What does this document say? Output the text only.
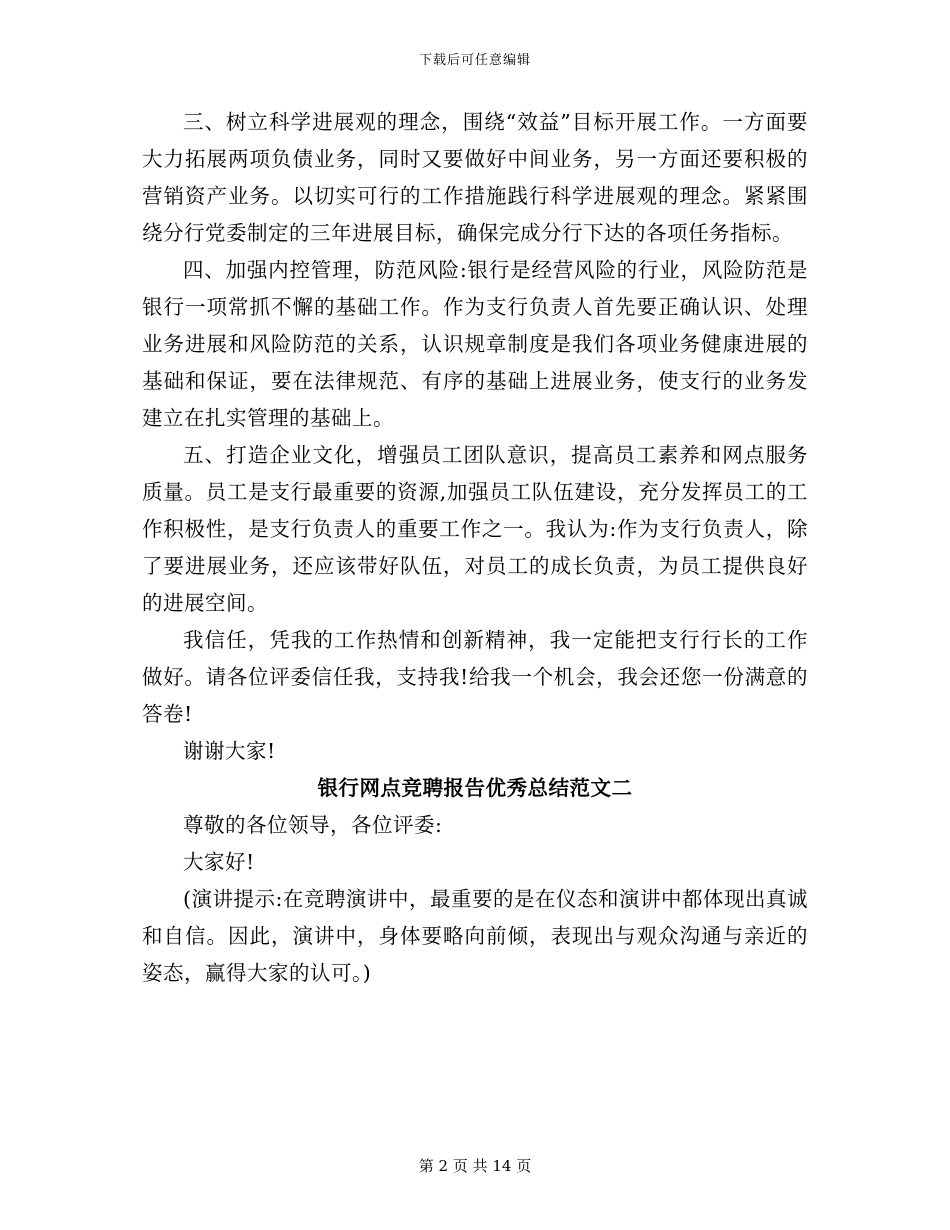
下载后可任意编辑

三、树立科学进展观的理念，围绕“效益”目标开展工作。一方面要大力拓展两项负债业务，同时又要做好中间业务，另一方面还要积极的营销资产业务。以切实可行的工作措施践行科学进展观的理念。紧紧围绕分行党委制定的三年进展目标，确保完成分行下达的各项任务指标。

四、加强内控管理，防范风险:银行是经营风险的行业，风险防范是银行一项常抓不懈的基础工作。作为支行负责人首先要正确认识、处理业务进展和风险防范的关系，认识规章制度是我们各项业务健康进展的基础和保证，要在法律规范、有序的基础上进展业务，使支行的业务发建立在扎实管理的基础上。

五、打造企业文化，增强员工团队意识，提高员工素养和网点服务质量。员工是支行最重要的资源,加强员工队伍建设，充分发挥员工的工作积极性，是支行负责人的重要工作之一。我认为:作为支行负责人，除了要进展业务，还应该带好队伍，对员工的成长负责，为员工提供良好的进展空间。

我信任，凭我的工作热情和创新精神，我一定能把支行行长的工作做好。请各位评委信任我，支持我!给我一个机会，我会还您一份满意的答卷!

谢谢大家!

银行网点竞聘报告优秀总结范文二

尊敬的各位领导，各位评委:

大家好!

(演讲提示:在竞聘演讲中，最重要的是在仪态和演讲中都体现出真诚和自信。因此，演讲中，身体要略向前倾，表现出与观众沟通与亲近的姿态，赢得大家的认可。)

第 2 页 共 14 页
